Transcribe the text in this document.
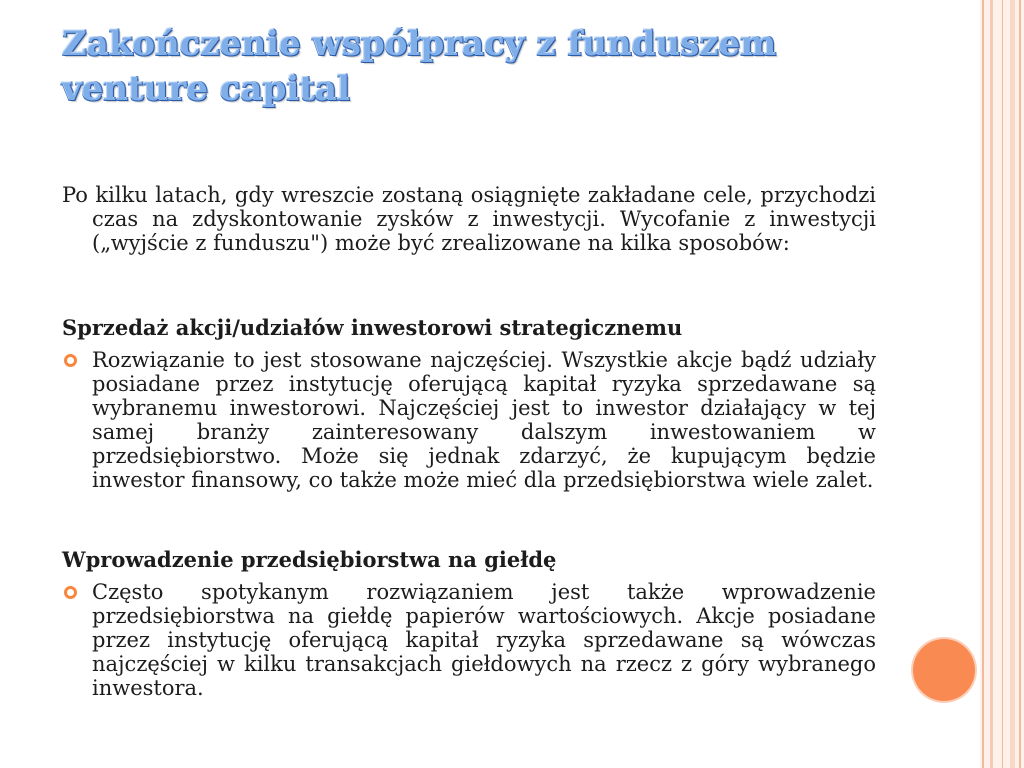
Zakończenie współpracy z funduszem venture capital

Po kilku latach, gdy wreszcie zostaną osiągnięte zakładane cele, przychodzi czas na zdyskontowanie zysków z inwestycji. Wycofanie z inwestycji („wyjście z funduszu") może być zrealizowane na kilka sposobów:

Sprzedaż akcji/udziałów inwestorowi strategicznemu

Rozwiązanie to jest stosowane najczęściej. Wszystkie akcje bądź udziały posiadane przez instytucję oferującą kapitał ryzyka sprzedawane są wybranemu inwestorowi. Najczęściej jest to inwestor działający w tej samej branży zainteresowany dalszym inwestowaniem w przedsiębiorstwo. Może się jednak zdarzyć, że kupującym będzie inwestor finansowy, co także może mieć dla przedsiębiorstwa wiele zalet.

Wprowadzenie przedsiębiorstwa na giełdę

Często spotykanym rozwiązaniem jest także wprowadzenie przedsiębiorstwa na giełdę papierów wartościowych. Akcje posiadane przez instytucję oferującą kapitał ryzyka sprzedawane są wówczas najczęściej w kilku transakcjach giełdowych na rzecz z góry wybranego inwestora.
